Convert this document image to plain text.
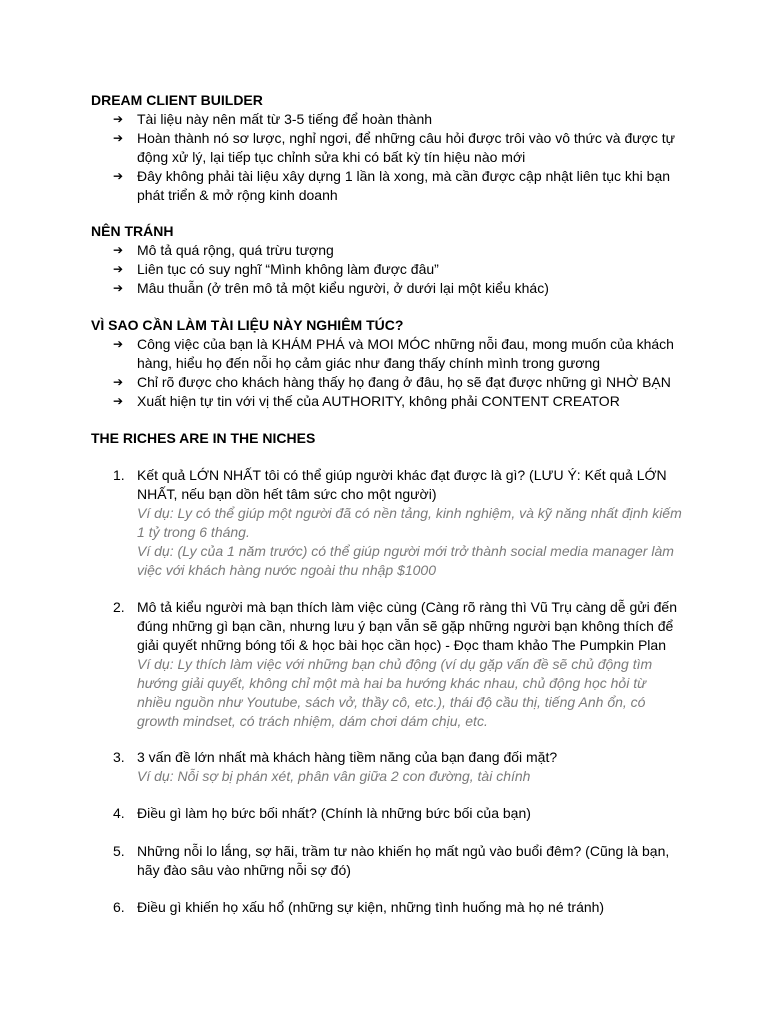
DREAM CLIENT BUILDER
➔ Tài liệu này nên mất từ 3-5 tiếng để hoàn thành
➔ Hoàn thành nó sơ lược, nghỉ ngơi, để những câu hỏi được trôi vào vô thức và được tự động xử lý, lại tiếp tục chỉnh sửa khi có bất kỳ tín hiệu nào mới
➔ Đây không phải tài liệu xây dựng 1 lần là xong, mà cần được cập nhật liên tục khi bạn phát triển & mở rộng kinh doanh
NÊN TRÁNH
➔ Mô tả quá rộng, quá trừu tượng
➔ Liên tục có suy nghĩ “Mình không làm được đâu”
➔ Mâu thuẫn (ở trên mô tả một kiểu người, ở dưới lại một kiểu khác)
VÌ SAO CẦN LÀM TÀI LIỆU NÀY NGHIÊM TÚC?
➔ Công việc của bạn là KHÁM PHÁ và MOI MÓC những nỗi đau, mong muốn của khách hàng, hiểu họ đến nỗi họ cảm giác như đang thấy chính mình trong gương
➔ Chỉ rõ được cho khách hàng thấy họ đang ở đâu, họ sẽ đạt được những gì NHỜ BẠN
➔ Xuất hiện tự tin với vị thế của AUTHORITY, không phải CONTENT CREATOR
THE RICHES ARE IN THE NICHES
1. Kết quả LỚN NHẤT tôi có thể giúp người khác đạt được là gì? (LƯU Ý: Kết quả LỚN NHẤT, nếu bạn dồn hết tâm sức cho một người)
Ví dụ: Ly có thể giúp một người đã có nền tảng, kinh nghiệm, và kỹ năng nhất định kiếm 1 tỷ trong 6 tháng.
Ví dụ: (Ly của 1 năm trước) có thể giúp người mới trở thành social media manager làm việc với khách hàng nước ngoài thu nhập $1000
2. Mô tả kiểu người mà bạn thích làm việc cùng (Càng rõ ràng thì Vũ Trụ càng dễ gửi đến đúng những gì bạn cần, nhưng lưu ý bạn vẫn sẽ gặp những người bạn không thích để giải quyết những bóng tối & học bài học cần học) - Đọc tham khảo The Pumpkin Plan
Ví dụ: Ly thích làm việc với những bạn chủ động (ví dụ gặp vấn đề sẽ chủ động tìm hướng giải quyết, không chỉ một mà hai ba hướng khác nhau, chủ động học hỏi từ nhiều nguồn như Youtube, sách vở, thầy cô, etc.), thái độ cầu thị, tiếng Anh ổn, có growth mindset, có trách nhiệm, dám chơi dám chịu, etc.
3. 3 vấn đề lớn nhất mà khách hàng tiềm năng của bạn đang đối mặt?
Ví dụ: Nỗi sợ bị phán xét, phân vân giữa 2 con đường, tài chính
4. Điều gì làm họ bức bối nhất? (Chính là những bức bối của bạn)
5. Những nỗi lo lắng, sợ hãi, trầm tư nào khiến họ mất ngủ vào buổi đêm? (Cũng là bạn, hãy đào sâu vào những nỗi sợ đó)
6. Điều gì khiến họ xấu hổ (những sự kiện, những tình huống mà họ né tránh)
